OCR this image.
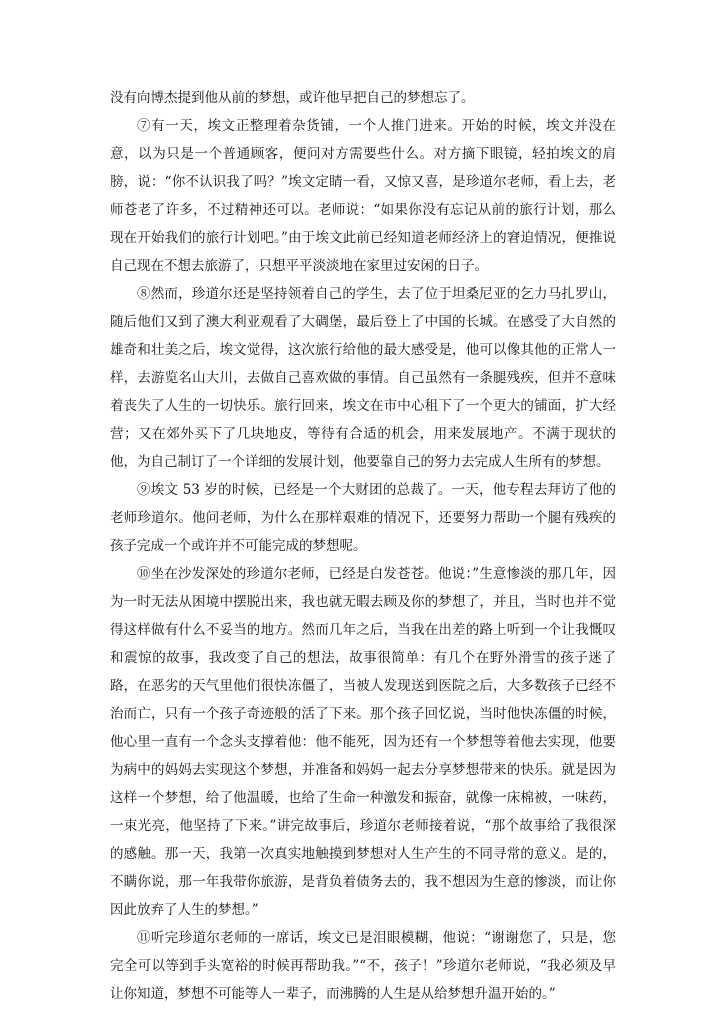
没有向博杰提到他从前的梦想，或许他早把自己的梦想忘了。

⑦有一天，埃文正整理着杂货铺，一个人推门进来。开始的时候，埃文并没在意，以为只是一个普通顾客，便问对方需要些什么。对方摘下眼镜，轻拍埃文的肩膀，说：“你不认识我了吗？”埃文定睛一看，又惊又喜，是珍道尔老师，看上去，老师苍老了许多，不过精神还可以。老师说：“如果你没有忘记从前的旅行计划，那么现在开始我们的旅行计划吧。”由于埃文此前已经知道老师经济上的窘迫情况，便推说自己现在不想去旅游了，只想平平淡淡地在家里过安闲的日子。

⑧然而，珍道尔还是坚持领着自己的学生，去了位于坦桑尼亚的乞力马扎罗山，随后他们又到了澳大利亚观看了大碉堡，最后登上了中国的长城。在感受了大自然的雄奇和壮美之后，埃文觉得，这次旅行给他的最大感受是，他可以像其他的正常人一样，去游览名山大川，去做自己喜欢做的事情。自己虽然有一条腿残疾，但并不意味着丧失了人生的一切快乐。旅行回来，埃文在市中心租下了一个更大的铺面，扩大经营；又在郊外买下了几块地皮，等待有合适的机会，用来发展地产。不满于现状的他，为自己制订了一个详细的发展计划，他要靠自己的努力去完成人生所有的梦想。

⑨埃文 53 岁的时候，已经是一个大财团的总裁了。一天，他专程去拜访了他的老师珍道尔。他问老师，为什么在那样艰难的情况下，还要努力帮助一个腿有残疾的孩子完成一个或许并不可能完成的梦想呢。

⑩坐在沙发深处的珍道尔老师，已经是白发苍苍。他说：”生意惨淡的那几年，因为一时无法从困境中摆脱出来，我也就无暇去顾及你的梦想了，并且，当时也并不觉得这样做有什么不妥当的地方。然而几年之后，当我在出差的路上听到一个让我慨叹和震惊的故事，我改变了自己的想法，故事很简单：有几个在野外滑雪的孩子迷了路，在恶劣的天气里他们很快冻僵了，当被人发现送到医院之后，大多数孩子已经不治而亡，只有一个孩子奇迹般的活了下来。那个孩子回忆说，当时他快冻僵的时候，他心里一直有一个念头支撑着他：他不能死，因为还有一个梦想等着他去实现，他要为病中的妈妈去实现这个梦想，并准备和妈妈一起去分享梦想带来的快乐。就是因为这样一个梦想，给了他温暖，也给了生命一种激发和振奋，就像一床棉被，一味药，一束光亮，他坚持了下来。”讲完故事后，珍道尔老师接着说，“那个故事给了我很深的感触。那一天，我第一次真实地触摸到梦想对人生产生的不同寻常的意义。是的，不瞒你说，那一年我带你旅游，是背负着债务去的，我不想因为生意的惨淡，而让你因此放弃了人生的梦想。”

⑪听完珍道尔老师的一席话，埃文已是泪眼模糊，他说：“谢谢您了，只是，您完全可以等到手头宽裕的时候再帮助我。”“不，孩子！”珍道尔老师说，“我必须及早让你知道，梦想不可能等人一辈子，而沸腾的人生是从给梦想升温开始的。”
